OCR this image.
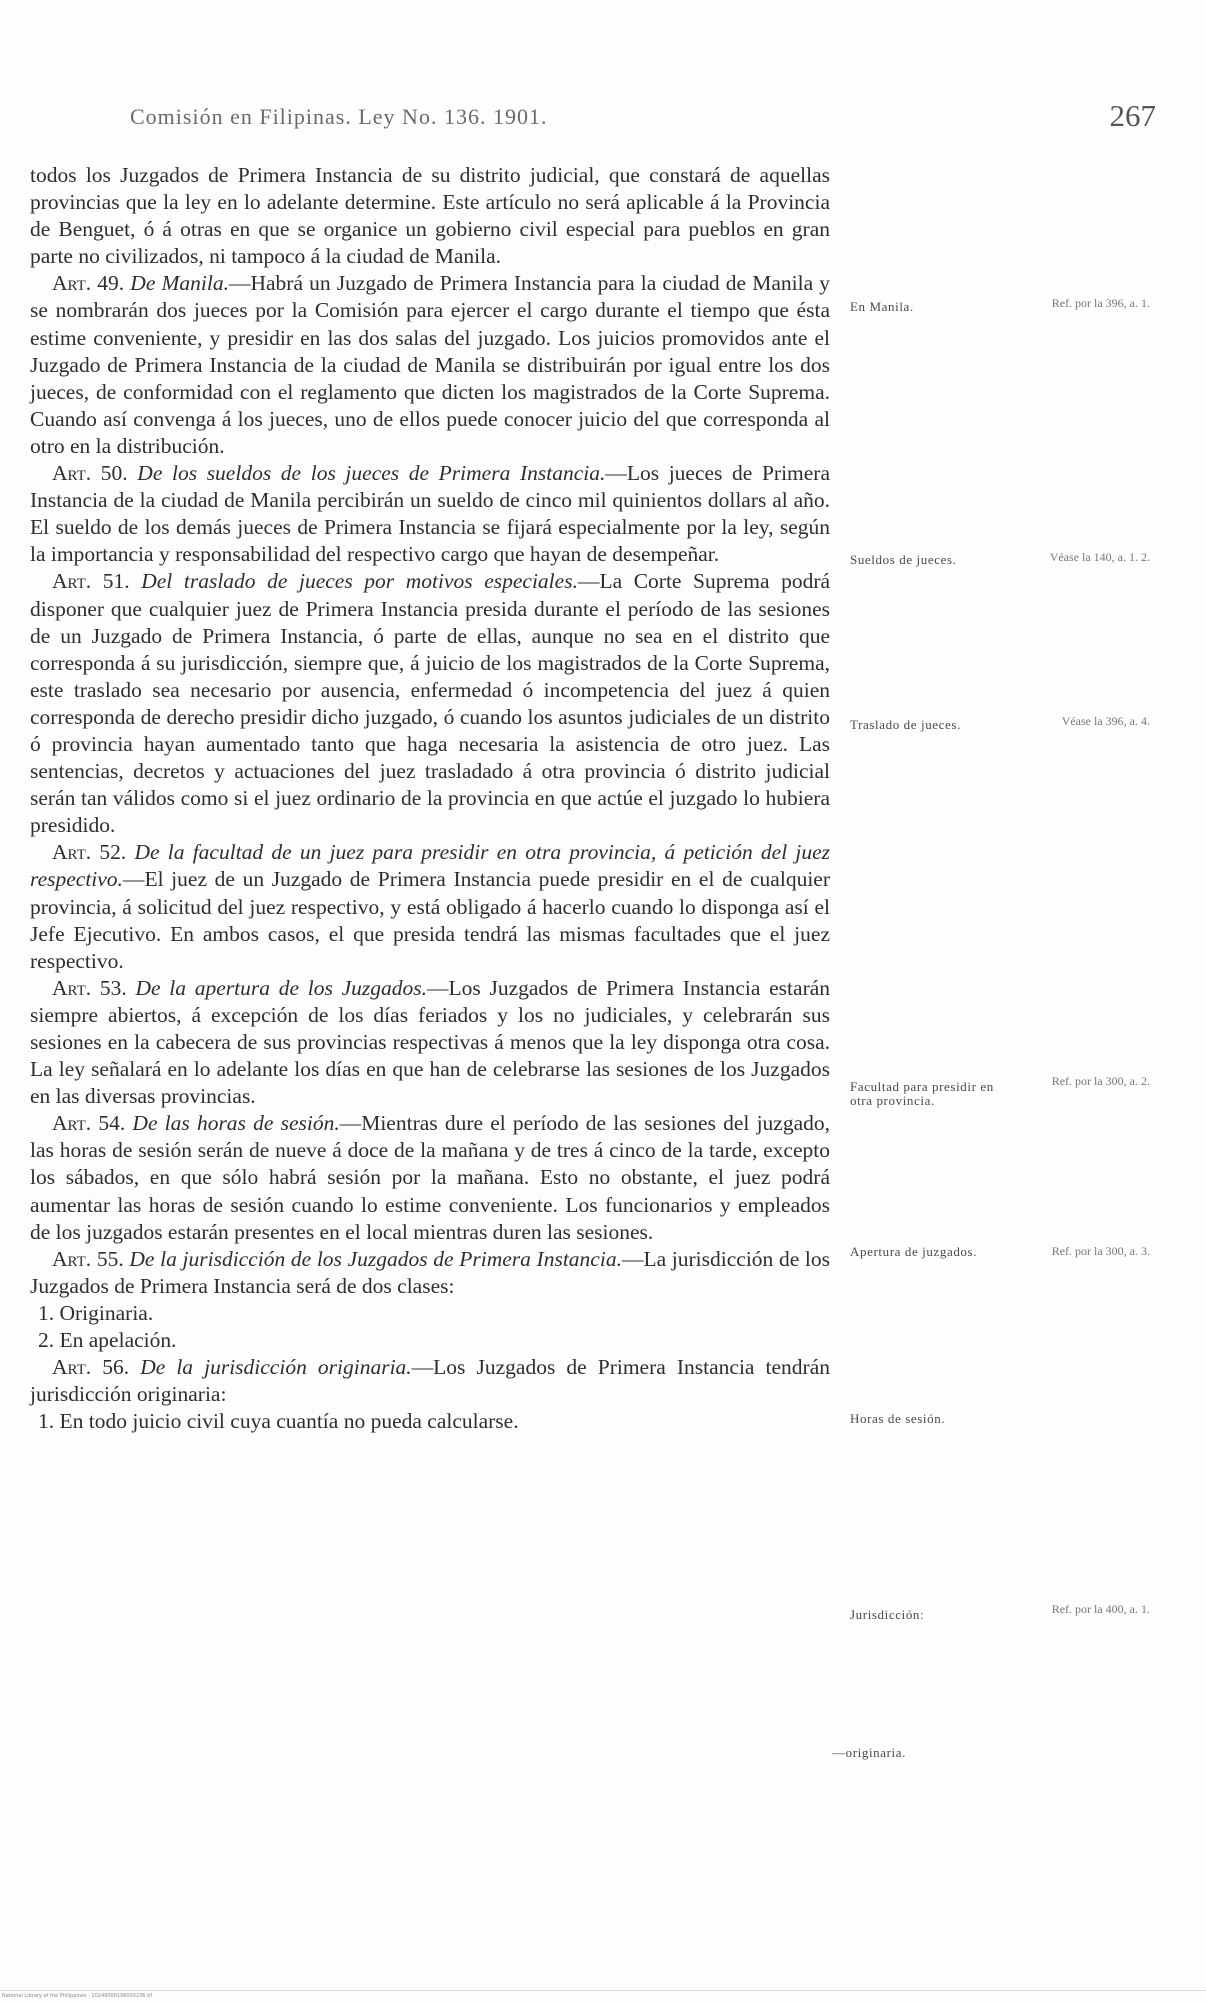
Comisión en Filipinas. Ley No. 136. 1901.	267

todos los Juzgados de Primera Instancia de su distrito judicial, que constará de aquellas provincias que la ley en lo adelante determine. Este artículo no será aplicable á la Provincia de Benguet, ó á otras en que se organice un gobierno civil especial para pueblos en gran parte no civilizados, ni tampoco á la ciudad de Manila.

Art. 49. De Manila.—Habrá un Juzgado de Primera Instancia para la ciudad de Manila y se nombrarán dos jueces por la Comisión para ejercer el cargo durante el tiempo que ésta estime conveniente, y presidir en las dos salas del juzgado. Los juicios promovidos ante el Juzgado de Primera Instancia de la ciudad de Manila se distribuirán por igual entre los dos jueces, de conformidad con el reglamento que dicten los magistrados de la Corte Suprema. Cuando así convenga á los jueces, uno de ellos puede conocer juicio del que corresponda al otro en la distribución.

Art. 50. De los sueldos de los jueces de Primera Instancia.—Los jueces de Primera Instancia de la ciudad de Manila percibirán un sueldo de cinco mil quinientos dollars al año. El sueldo de los demás jueces de Primera Instancia se fijará especialmente por la ley, según la importancia y responsabilidad del respectivo cargo que hayan de desempeñar.

Art. 51. Del traslado de jueces por motivos especiales.—La Corte Suprema podrá disponer que cualquier juez de Primera Instancia presida durante el período de las sesiones de un Juzgado de Primera Instancia, ó parte de ellas, aunque no sea en el distrito que corresponda á su jurisdicción, siempre que, á juicio de los magistrados de la Corte Suprema, este traslado sea necesario por ausencia, enfermedad ó incompetencia del juez á quien corresponda de derecho presidir dicho juzgado, ó cuando los asuntos judiciales de un distrito ó provincia hayan aumentado tanto que haga necesaria la asistencia de otro juez. Las sentencias, decretos y actuaciones del juez trasladado á otra provincia ó distrito judicial serán tan válidos como si el juez ordinario de la provincia en que actúe el juzgado lo hubiera presidido.

Art. 52. De la facultad de un juez para presidir en otra provincia, á petición del juez respectivo.—El juez de un Juzgado de Primera Instancia puede presidir en el de cualquier provincia, á solicitud del juez respectivo, y está obligado á hacerlo cuando lo disponga así el Jefe Ejecutivo. En ambos casos, el que presida tendrá las mismas facultades que el juez respectivo.

Art. 53. De la apertura de los Juzgados.—Los Juzgados de Primera Instancia estarán siempre abiertos, á excepción de los días feriados y los no judiciales, y celebrarán sus sesiones en la cabecera de sus provincias respectivas á menos que la ley disponga otra cosa. La ley señalará en lo adelante los días en que han de celebrarse las sesiones de los Juzgados en las diversas provincias.

Art. 54. De las horas de sesión.—Mientras dure el período de las sesiones del juzgado, las horas de sesión serán de nueve á doce de la mañana y de tres á cinco de la tarde, excepto los sábados, en que sólo habrá sesión por la mañana. Esto no obstante, el juez podrá aumentar las horas de sesión cuando lo estime conveniente. Los funcionarios y empleados de los juzgados estarán presentes en el local mientras duren las sesiones.

Art. 55. De la jurisdicción de los Juzgados de Primera Instancia.—La jurisdicción de los Juzgados de Primera Instancia será de dos clases:

1. Originaria.

2. En apelación.

Art. 56. De la jurisdicción originaria.—Los Juzgados de Primera Instancia tendrán jurisdicción originaria:

1. En todo juicio civil cuya cuantía no pueda calcularse.

En Manila.	Ref. por la 396, a. 1.
Sueldos de jueces.	Véase la 140, a. 1. 2.
Traslado de jueces.	Véase la 396, a. 4.
Facultad para presidir en otra provincia.
Ref. por la 300, a. 2.
Apertura de juzgados.	Ref. por la 300, a. 3.
Horas de sesión.
Jurisdicción:	Ref. por la 400, a. 1.
—originaria.
National Library of the Philippines · 10249000196003236.tif
